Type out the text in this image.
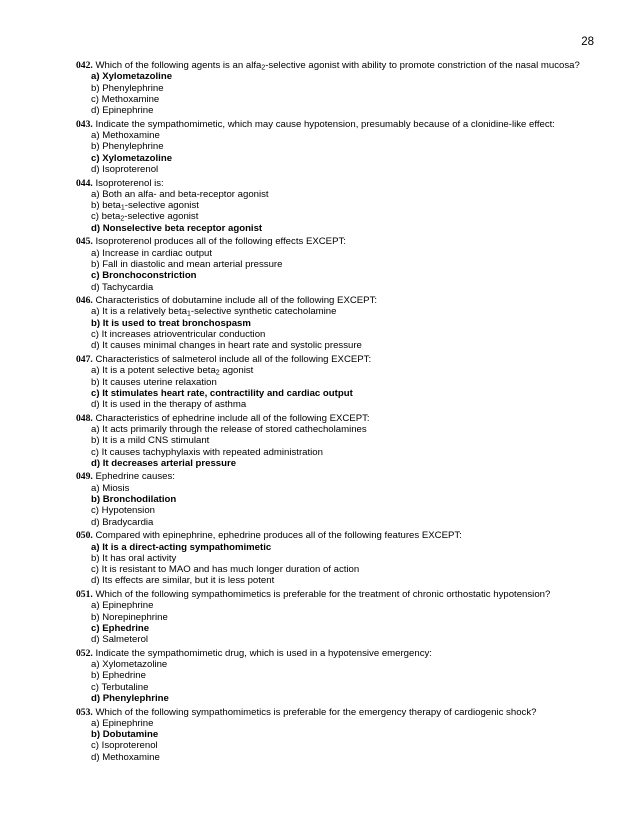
28
042. Which of the following agents is an alfa$_2$-selective agonist with ability to promote constriction of the nasal mucosa?
a) Xylometazoline
b) Phenylephrine
c) Methoxamine
d) Epinephrine
043. Indicate the sympathomimetic, which may cause hypotension, presumably because of a clonidine-like effect:
a) Methoxamine
b) Phenylephrine
c) Xylometazoline
d) Isoproterenol
044. Isoproterenol is:
a) Both an alfa- and beta-receptor agonist
b) beta$_1$-selective agonist
c) beta$_2$-selective agonist
d) Nonselective beta receptor agonist
045. Isoproterenol produces all of the following effects EXCEPT:
a) Increase in cardiac output
b) Fall in diastolic and mean arterial pressure
c) Bronchoconstriction
d) Tachycardia
046. Characteristics of dobutamine include all of the following EXCEPT:
a) It is a relatively beta$_1$-selective synthetic catecholamine
b) It is used to treat bronchospasm
c) It increases atrioventricular conduction
d) It causes minimal changes in heart rate and systolic pressure
047. Characteristics of salmeterol include all of the following EXCEPT:
a) It is a potent selective beta$_2$ agonist
b) It causes uterine relaxation
c) It stimulates heart rate, contractility and cardiac output
d) It is used in the therapy of asthma
048. Characteristics of ephedrine include all of the following EXCEPT:
a) It acts primarily through the release of stored cathecholamines
b) It is a mild CNS stimulant
c) It causes tachyphylaxis with repeated administration
d) It decreases arterial pressure
049. Ephedrine causes:
a) Miosis
b) Bronchodilation
c) Hypotension
d) Bradycardia
050. Compared with epinephrine, ephedrine produces all of the following features EXCEPT:
a) It is a direct-acting sympathomimetic
b) It has oral activity
c) It is resistant to MAO and has much longer duration of action
d) Its effects are similar, but it is less potent
051. Which of the following sympathomimetics is preferable for the treatment of chronic orthostatic hypotension?
a) Epinephrine
b) Norepinephrine
c) Ephedrine
d) Salmeterol
052. Indicate the sympathomimetic drug, which is used in a hypotensive emergency:
a) Xylometazoline
b) Ephedrine
c) Terbutaline
d) Phenylephrine
053. Which of the following sympathomimetics is preferable for the emergency therapy of cardiogenic shock?
a) Epinephrine
b) Dobutamine
c) Isoproterenol
d) Methoxamine
